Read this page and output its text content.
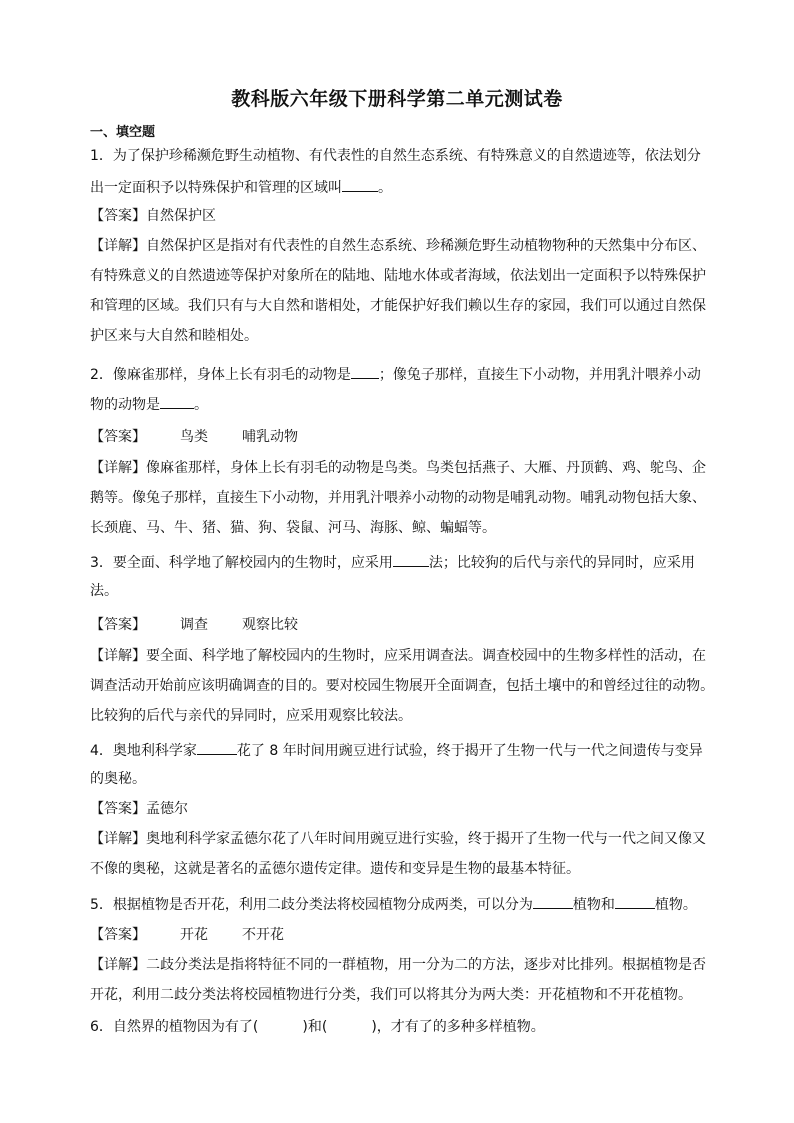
教科版六年级下册科学第二单元测试卷
一、填空题
1．为了保护珍稀濒危野生动植物、有代表性的自然生态系统、有特殊意义的自然遗迹等，依法划分
出一定面积予以特殊保护和管理的区域叫	。
【答案】自然保护区
【详解】自然保护区是指对有代表性的自然生态系统、珍稀濒危野生动植物物种的天然集中分布区、
有特殊意义的自然遗迹等保护对象所在的陆地、陆地水体或者海域，依法划出一定面积予以特殊保护
和管理的区域。我们只有与大自然和谐相处，才能保护好我们赖以生存的家园，我们可以通过自然保
护区来与大自然和睦相处。
2．像麻雀那样，身体上长有羽毛的动物是 ；像兔子那样，直接生下小动物，并用乳汁喂养小动
物的动物是 。
【答案】 鸟类 哺乳动物
【详解】像麻雀那样，身体上长有羽毛的动物是鸟类。鸟类包括燕子、大雁、丹顶鹤、鸡、鸵鸟、企
鹅等。像兔子那样，直接生下小动物，并用乳汁喂养小动物的动物是哺乳动物。哺乳动物包括大象、
长颈鹿、马、牛、猪、猫、狗、袋鼠、河马、海豚、鲸、蝙蝠等。
3．要全面、科学地了解校园内的生物时，应采用	法；比较狗的后代与亲代的异同时，应采用
法。
【答案】 调查 观察比较
【详解】要全面、科学地了解校园内的生物时，应采用调查法。调查校园中的生物多样性的活动，在
调查活动开始前应该明确调查的目的。要对校园生物展开全面调查，包括土壤中的和曾经过往的动物。
比较狗的后代与亲代的异同时，应采用观察比较法。
4．奥地利科学家	花了 8 年时间用豌豆进行试验，终于揭开了生物一代与一代之间遗传与变异
的奥秘。
【答案】孟德尔
【详解】奥地利科学家孟德尔花了八年时间用豌豆进行实验，终于揭开了生物一代与一代之间又像又
不像的奥秘，这就是著名的孟德尔遗传定律。遗传和变异是生物的最基本特征。
5．根据植物是否开花，利用二歧分类法将校园植物分成两类，可以分为	植物和	植物。
【答案】 开花 不开花
【详解】二歧分类法是指将特征不同的一群植物，用一分为二的方法，逐步对比排列。根据植物是否
开花，利用二歧分类法将校园植物进行分类，我们可以将其分为两大类：开花植物和不开花植物。
6．自然界的植物因为有了(	)和(	)，才有了的多种多样植物。
